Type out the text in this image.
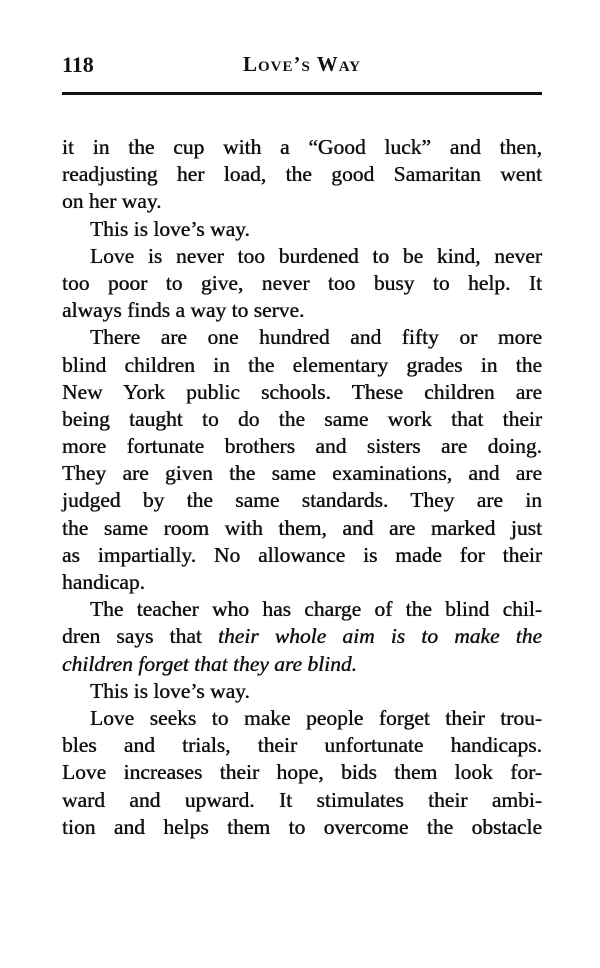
118	Love’s Way
it in the cup with a “Good luck” and then,
readjusting her load, the good Samaritan went
on her way.
This is love’s way.
Love is never too burdened to be kind, never
too poor to give, never too busy to help. It
always finds a way to serve.
There are one hundred and fifty or more
blind children in the elementary grades in the
New York public schools. These children are
being taught to do the same work that their
more fortunate brothers and sisters are doing.
They are given the same examinations, and are
judged by the same standards. They are in
the same room with them, and are marked just
as impartially. No allowance is made for their
handicap.
The teacher who has charge of the blind chil-
dren says that their whole aim is to make the
children forget that they are blind.
This is love’s way.
Love seeks to make people forget their trou-
bles and trials, their unfortunate handicaps.
Love increases their hope, bids them look for-
ward and upward. It stimulates their ambi-
tion and helps them to overcome the obstacle
